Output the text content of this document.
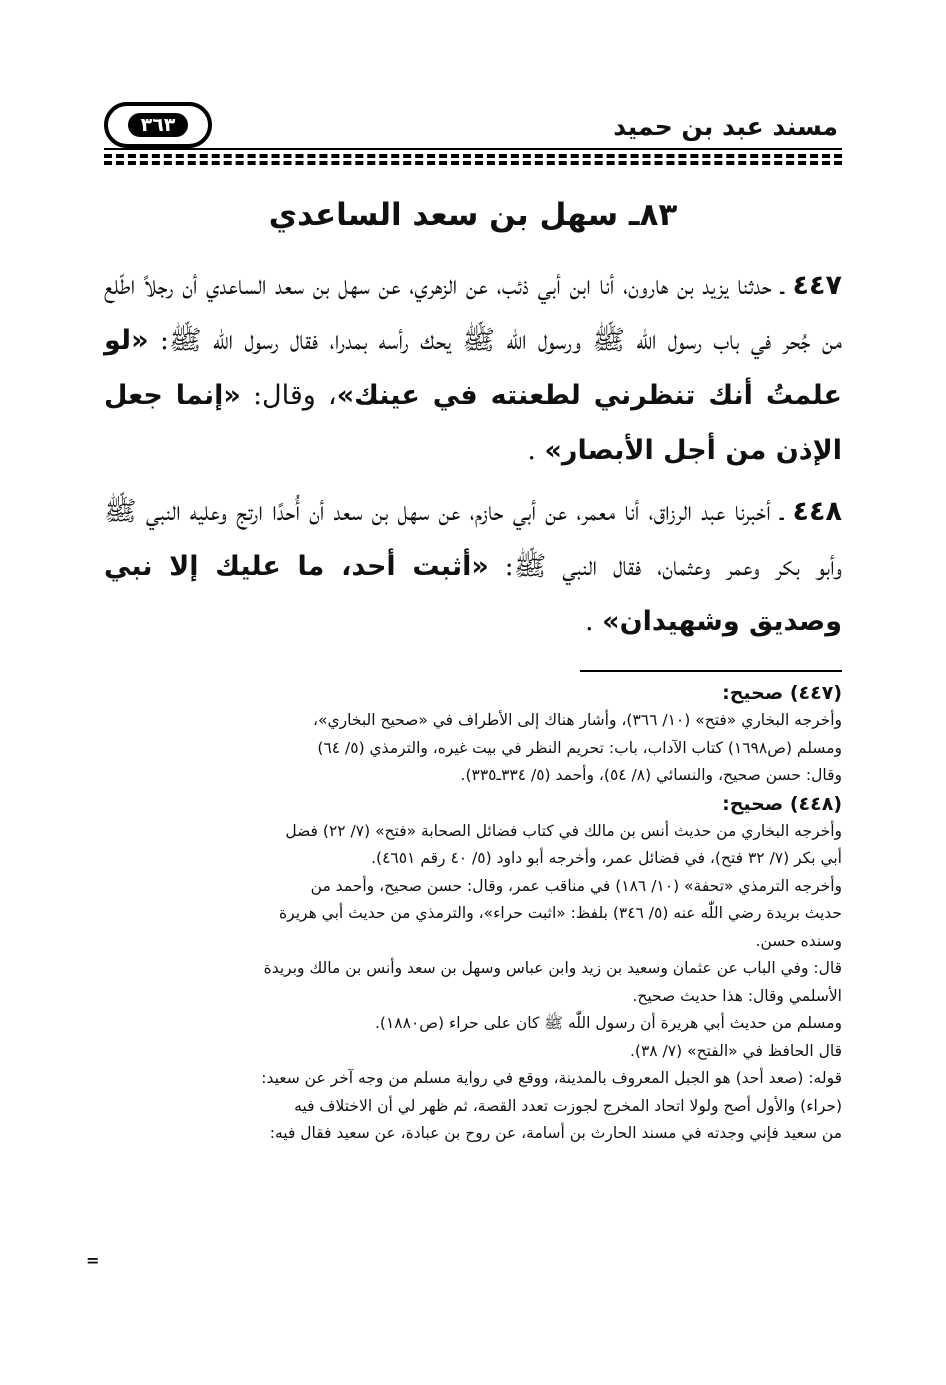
مسند عبد بن حميد
٣٦٣
٨٣ـ سهل بن سعد الساعدي
٤٤٧ ـ حدثنا يزيد بن هارون، أنا ابن أبي ذئب، عن الزهري، عن سهل بن سعد الساعدي أن رجلاً اطّلع من جُحر في باب رسول اللّٰه ﷺ ورسول اللّٰه ﷺ يحك رأسه بمدرا، فقال رسول اللّٰه ﷺ: «لو علمتُ أنك تنظرني لطعنته في عينك»، وقال: «إنما جعل الإذن من أجل الأبصار» .
٤٤٨ ـ أخبرنا عبد الرزاق، أنا معمر، عن أبي حازم، عن سهل بن سعد أن أُحدًا ارتج وعليه النبي ﷺ وأبو بكر وعمر وعثمان، فقال النبي ﷺ: «أثبت أحد، ما عليك إلا نبي وصديق وشهيدان» .
(٤٤٧) صحيح:
وأخرجه البخاري «فتح» (١٠/ ٣٦٦)، وأشار هناك إلى الأطراف في «صحيح البخاري»،
ومسلم (ص١٦٩٨) كتاب الآداب، باب: تحريم النظر في بيت غيره، والترمذي (٥/ ٦٤)
وقال: حسن صحيح، والنسائي (٨/ ٥٤)، وأحمد (٥/ ٣٣٤ـ٣٣٥).
(٤٤٨) صحيح:
وأخرجه البخاري من حديث أنس بن مالك في كتاب فضائل الصحابة «فتح» (٧/ ٢٢) فضل
أبي بكر (٧/ ٣٢ فتح)، في فضائل عمر، وأخرجه أبو داود (٥/ ٤٠ رقم ٤٦٥١).
وأخرجه الترمذي «تحفة» (١٠/ ١٨٦) في مناقب عمر، وقال: حسن صحيح، وأحمد من
حديث بريدة رضي اللّٰه عنه (٥/ ٣٤٦) بلفظ: «اثبت حراء»، والترمذي من حديث أبي هريرة
وسنده حسن.
قال: وفي الباب عن عثمان وسعيد بن زيد وابن عباس وسهل بن سعد وأنس بن مالك وبريدة
الأسلمي وقال: هذا حديث صحيح.
ومسلم من حديث أبي هريرة أن رسول اللّٰه ﷺ كان على حراء (ص١٨٨٠).
قال الحافظ في «الفتح» (٧/ ٣٨).
قوله: (صعد أحد) هو الجبل المعروف بالمدينة، ووقع في رواية مسلم من وجه آخر عن سعيد:
(حراء) والأول أصح ولولا اتحاد المخرج لجوزت تعدد القصة، ثم ظهر لي أن الاختلاف فيه
من سعيد فإني وجدته في مسند الحارث بن أسامة، عن روح بن عبادة، عن سعيد فقال فيه:
=
